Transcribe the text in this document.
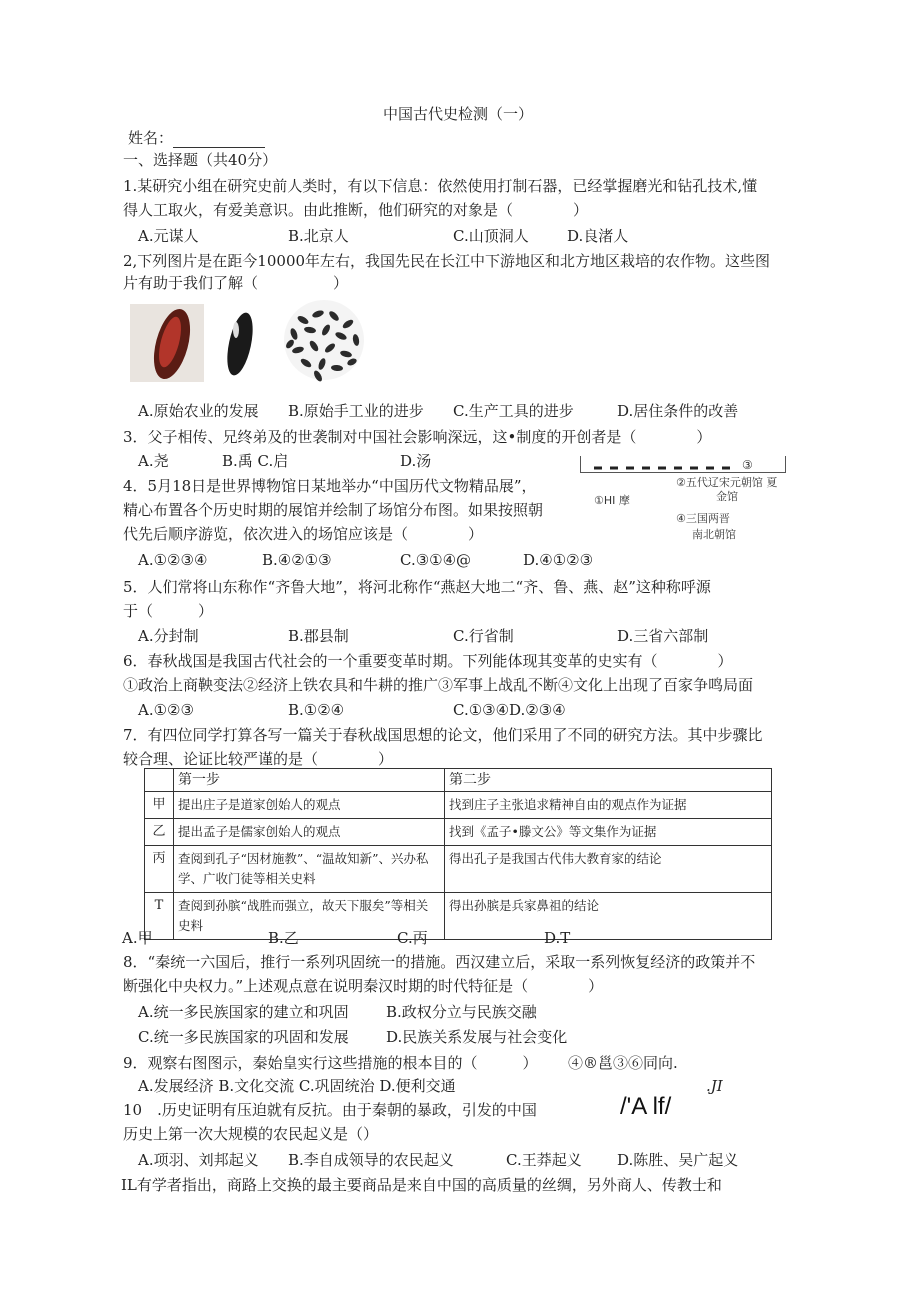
中国古代史检测（一）
姓名：
一、选择题（共40分）
1.某研究小组在研究史前人类时，有以下信息：依然使用打制石器，已经掌握磨光和钻孔技术,懂
得人工取火，有爱美意识。由此推断，他们研究的对象是（　　　　）
A.元谋人	B.北京人	C.山顶洞人	D.良渚人
2,下列图片是在距今10000年左右，我国先民在长江中下游地区和北方地区栽培的农作物。这些图
片有助于我们了解（　　　　　）
A.原始农业的发展 B.原始手工业的进步 C.生产工具的进步	D.居住条件的改善
3．父子相传、兄终弟及的世袭制对中国社会影响深远，这•制度的开创者是（　　　　）
A.尧	B.禹 C.启	D.汤
4．5月18日是世界博物馆日某地举办“中国历代文物精品展”，
精心布置各个历史时期的展馆并绘制了场馆分布图。如果按照朝
代先后顺序游览，依次进入的场馆应该是（　　　　）
③
②五代辽宋元朝馆 夏
金馆
①HI 摩
④三国两晋
南北朝馆
A.①②③④	B.④②①③	C.③①④@	D.④①②③
5．人们常将山东称作“齐鲁大地”，将河北称作“燕赵大地二“齐、鲁、燕、赵”这种称呼源
于（　　　）
A.分封制	B.郡县制	C.行省制	D.三省六部制
6．春秋战国是我国古代社会的一个重要变革时期。下列能体现其变革的史实有（　　　　）
①政治上商鞅变法②经济上铁农具和牛耕的推广③军事上战乱不断④文化上出现了百家争鸣局面
A.①②③	B.①②④	C.①③④D.②③④
7．有四位同学打算各写一篇关于春秋战国思想的论文，他们采用了不同的研究方法。其中步骤比
较合理、论证比较严谨的是（　　　　）
	第一步	第二步
甲	提出庄子是道家创始人的观点	找到庄子主张追求精神自由的观点作为证据
乙	提出孟子是儒家创始人的观点	找到《孟子•滕文公》等文集作为证据
丙	查阅到孔子“因材施教”、“温故知新”、兴办私学、广收门徒等相关史料	得出孔子是我国古代伟大教育家的结论
T	查阅到孙膑“战胜而强立，故天下服矣”等相关史料	得出孙膑是兵家鼻祖的结论
A.甲	B.乙	C.丙	D.T
8．“秦统一六国后，推行一系列巩固统一的措施。西汉建立后，采取一系列恢复经济的政策并不
断强化中央权力。”上述观点意在说明秦汉时期的时代特征是（　　　　）
A.统一多民族国家的建立和巩固 B.政权分立与民族交融
C.统一多民族国家的巩固和发展 D.民族关系发展与社会变化
9．观察右图图示，秦始皇实行这些措施的根本目的（　　　） ④®邕③⑥同向.
A.发展经济 B.文化交流 C.巩固统治 D.便利交通	.JI
10　.历史证明有压迫就有反抗。由于秦朝的暴政，引发的中国	/'A lf/
历史上第一次大规模的农民起义是（）
A.项羽、刘邦起义 B.李自成领导的农民起义	C.王莽起义 D.陈胜、吴广起义
IL有学者指出，商路上交换的最主要商品是来自中国的高质量的丝绸，另外商人、传教士和
